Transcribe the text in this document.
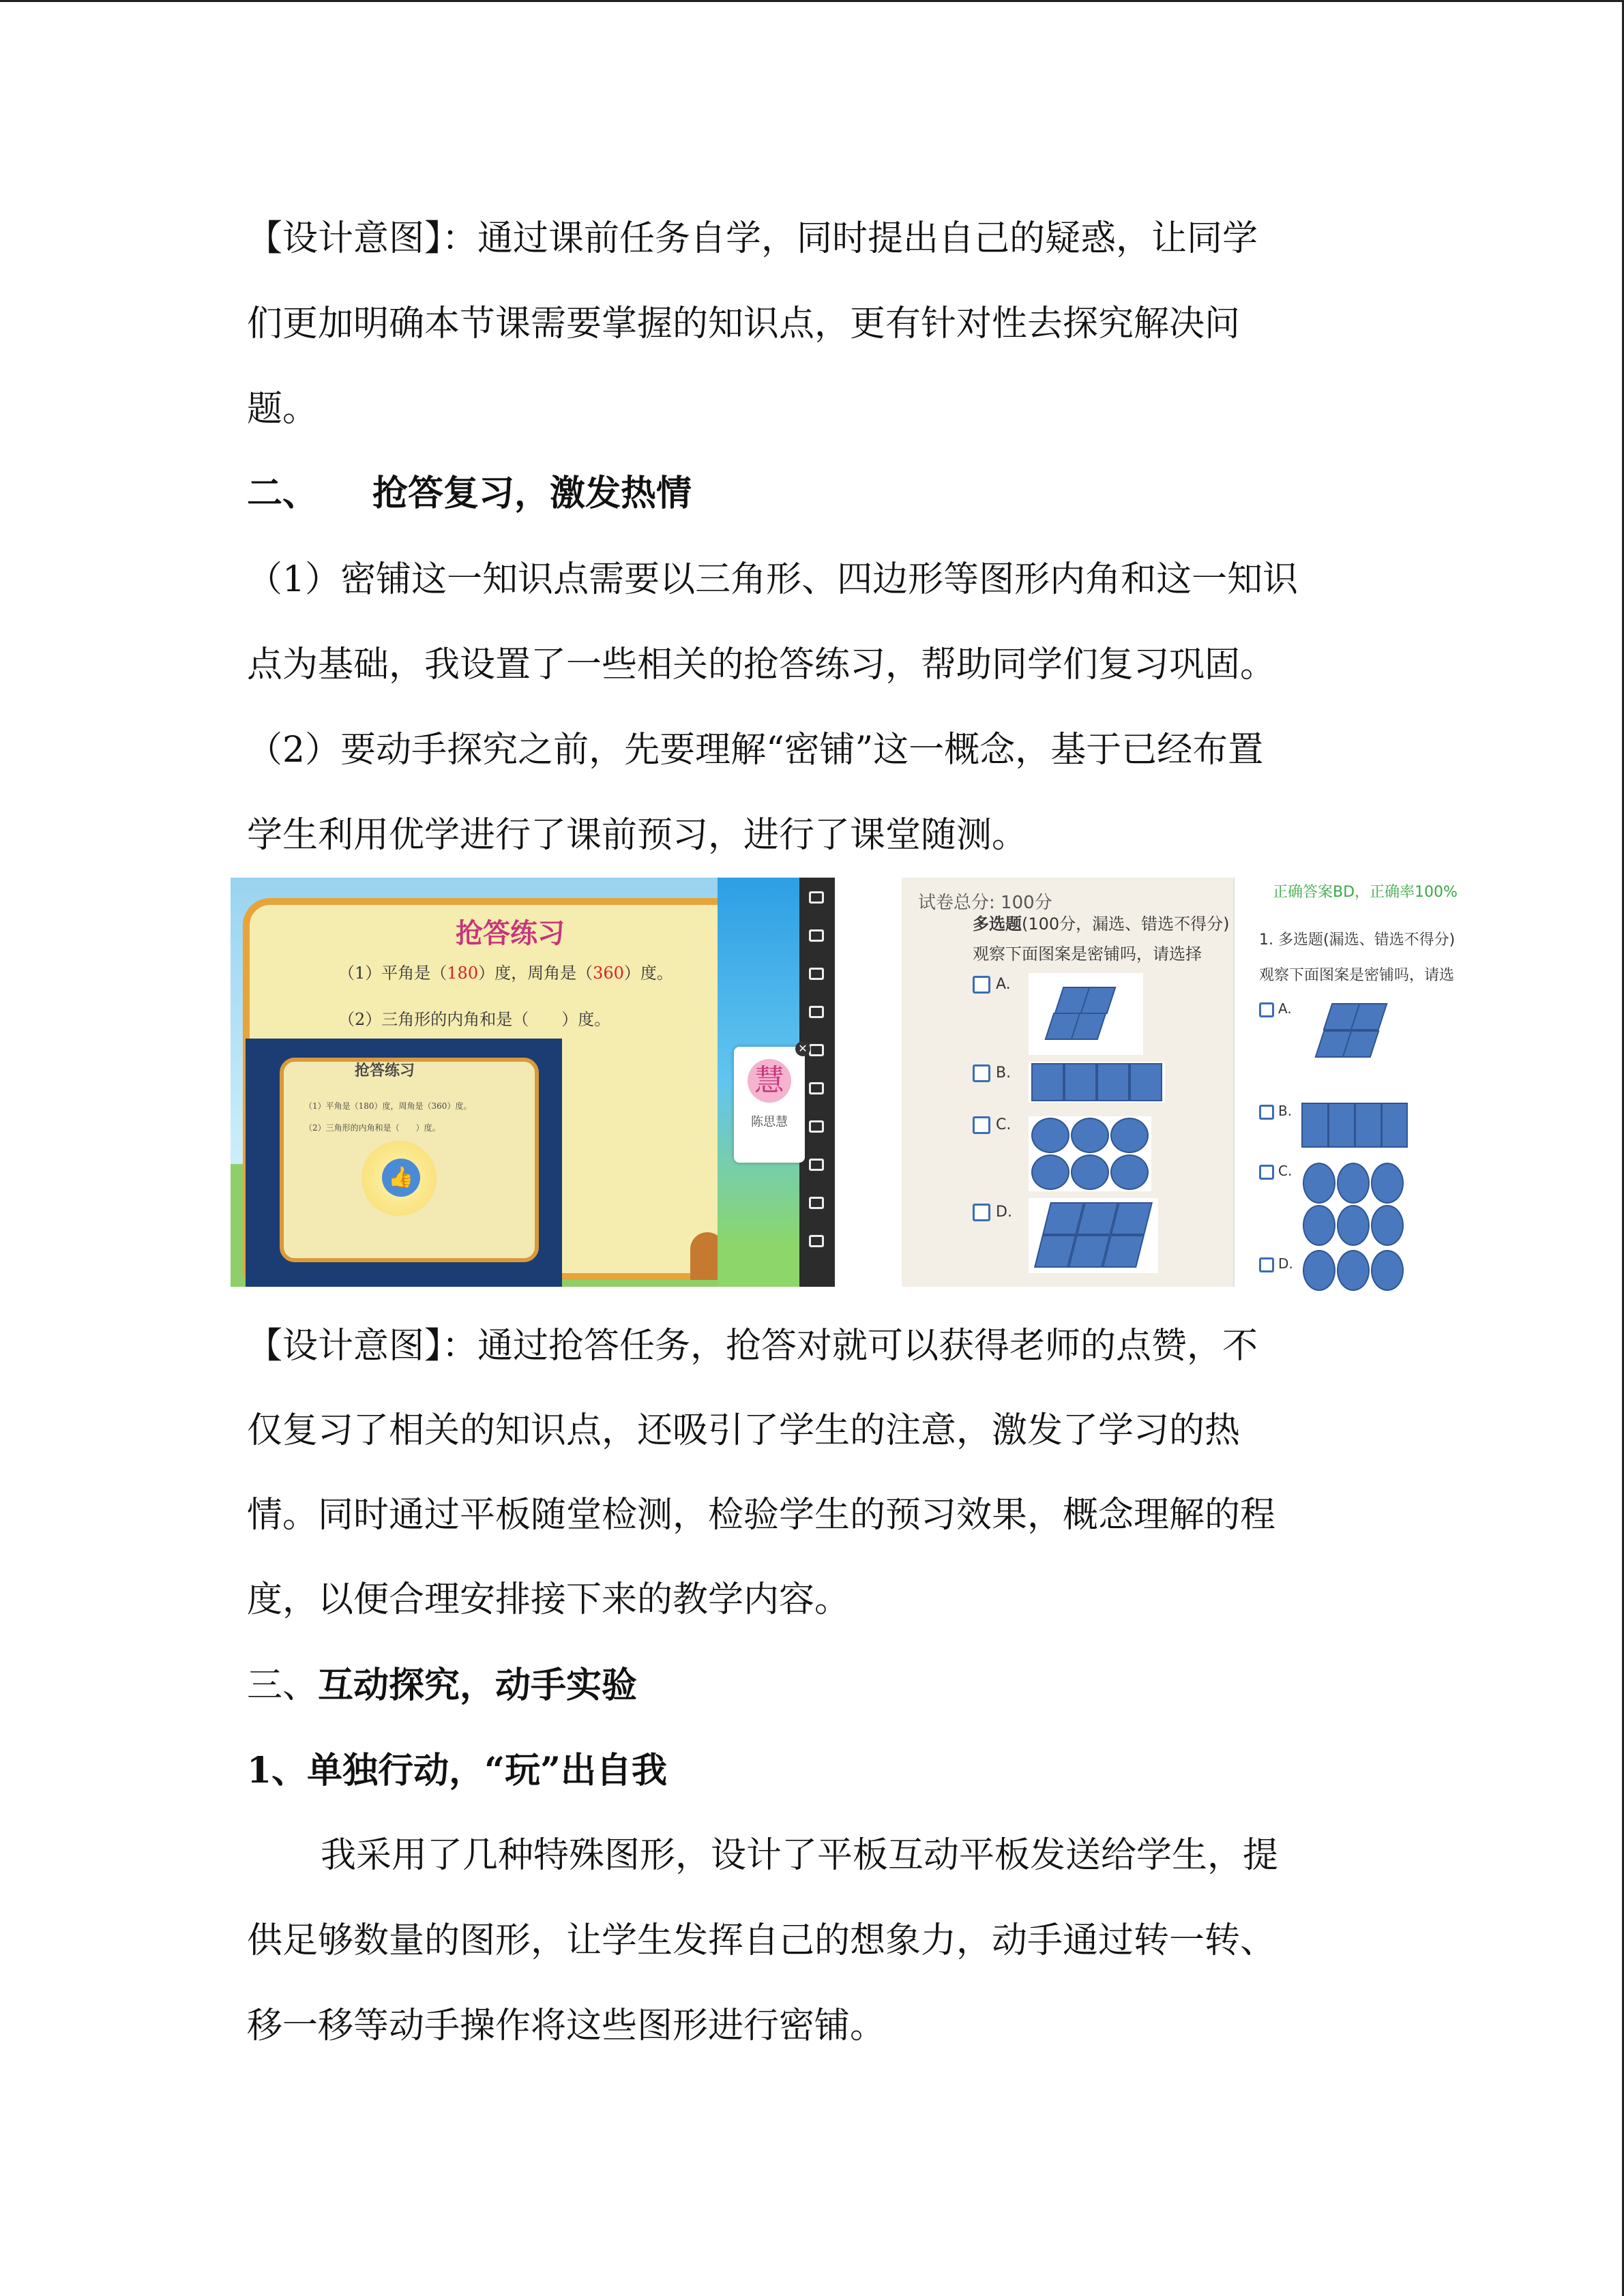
【设计意图】：通过课前任务自学，同时提出自己的疑惑，让同学

们更加明确本节课需要掌握的知识点，更有针对性去探究解决问

题。

二、 抢答复习，激发热情

（1）密铺这一知识点需要以三角形、四边形等图形内角和这一知识

点为基础，我设置了一些相关的抢答练习，帮助同学们复习巩固。

（2）要动手探究之前，先要理解“密铺”这一概念，基于已经布置

学生利用优学进行了课前预习，进行了课堂随测。

抢答练习
（1）平角是（180）度，周角是（360）度。
（2）三角形的内角和是（　　）度。
慧
陈思慧
✕
抢答练习
（1）平角是（180）度，周角是（360）度。
（2）三角形的内角和是（　　）度。
👍
试卷总分: 100分
多选题(100分，漏选、错选不得分)
观察下面图案是密铺吗，请选择
A.
B.
C.
D.
正确答案BD，正确率100%
1. 多选题(漏选、错选不得分)
观察下面图案是密铺吗，请选
A.
B.
C.
D.

【设计意图】：通过抢答任务，抢答对就可以获得老师的点赞，不

仅复习了相关的知识点，还吸引了学生的注意，激发了学习的热

情。同时通过平板随堂检测，检验学生的预习效果，概念理解的程

度，以便合理安排接下来的教学内容。

三、互动探究，动手实验

1、单独行动，“玩”出自我

我采用了几种特殊图形，设计了平板互动平板发送给学生，提

供足够数量的图形，让学生发挥自己的想象力，动手通过转一转、

移一移等动手操作将这些图形进行密铺。
